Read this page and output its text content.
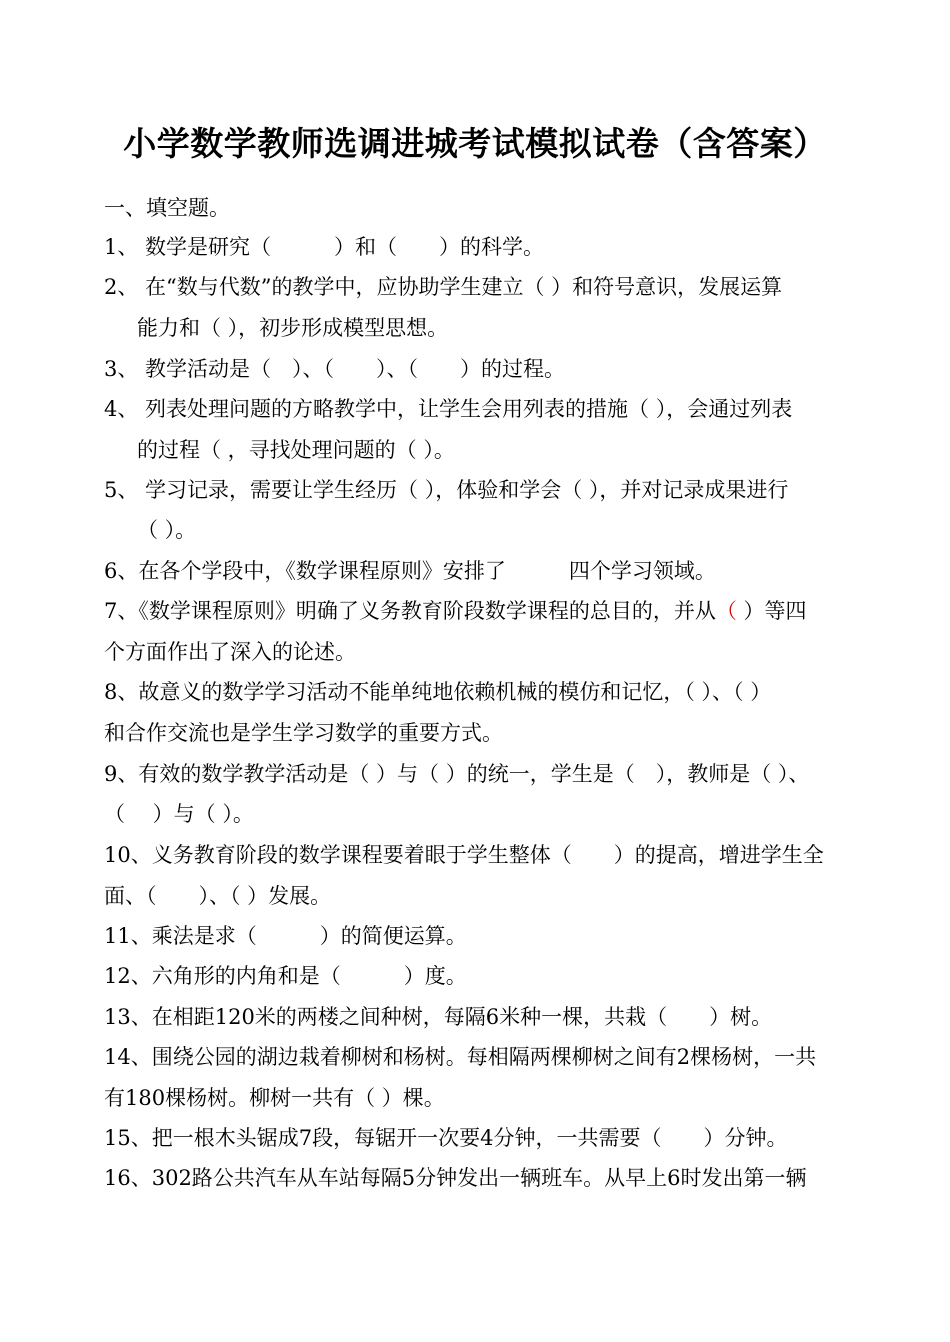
小学数学教师选调进城考试模拟试卷（含答案）
一、填空题。
1、 数学是研究（　　　）和（　　）的科学。
2、 在“数与代数”的教学中，应协助学生建立（ ）和符号意识，发展运算
能力和（ ），初步形成模型思想。
3、 教学活动是（　）、（　　）、（　　）的过程。
4、 列表处理问题的方略教学中，让学生会用列表的措施（ ），会通过列表
的过程（ ，寻找处理问题的（ ）。
5、 学习记录，需要让学生经历（ ），体验和学会（ ），并对记录成果进行
（ ）。
6、在各个学段中，《数学课程原则》安排了　　　四个学习领域。
7、《数学课程原则》明确了义务教育阶段数学课程的总目的，并从（ ）等四
个方面作出了深入的论述。
8、故意义的数学学习活动不能单纯地依赖机械的模仿和记忆，（ ）、（ ）
和合作交流也是学生学习数学的重要方式。
9、有效的数学教学活动是（ ）与（ ）的统一，学生是（　），教师是（ ）、
（　 ）与（ ）。
10、义务教育阶段的数学课程要着眼于学生整体（　　）的提高，增进学生全
面、（　　）、（ ）发展。
11、乘法是求（　　　）的简便运算。
12、六角形的内角和是（　　　）度。
13、在相距120米的两楼之间种树，每隔6米种一棵，共栽（　　）树。
14、围绕公园的湖边栽着柳树和杨树。每相隔两棵柳树之间有2棵杨树，一共
有180棵杨树。柳树一共有（ ）棵。
15、把一根木头锯成7段，每锯开一次要4分钟，一共需要（　　）分钟。
16、302路公共汽车从车站每隔5分钟发出一辆班车。从早上6时发出第一辆
